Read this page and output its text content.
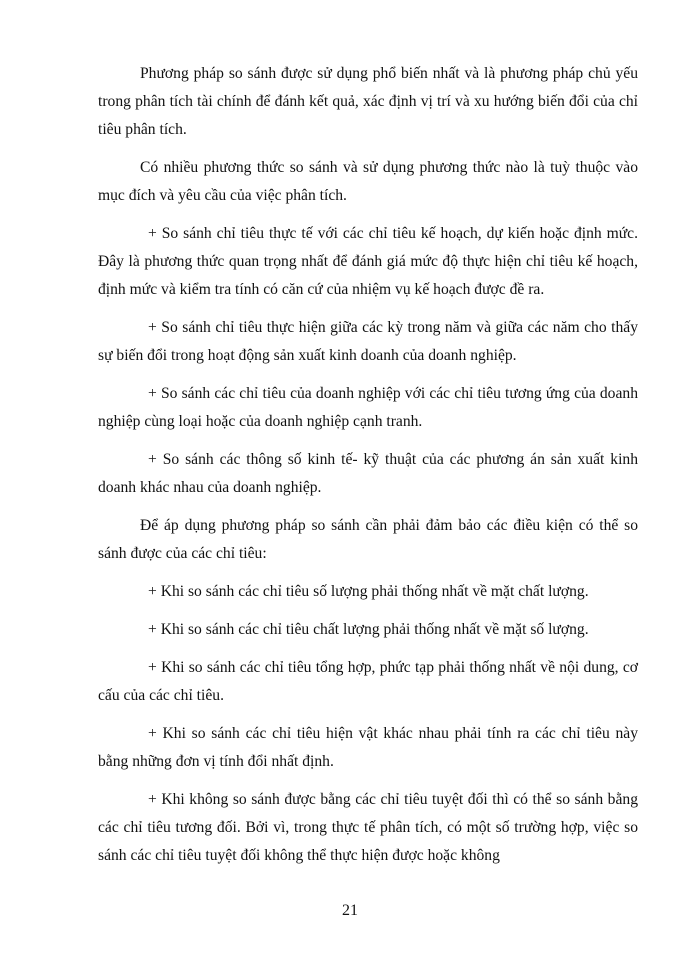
Phương pháp so sánh được sử dụng phổ biến nhất và là phương pháp chủ yếu trong phân tích tài chính để đánh kết quả, xác định vị trí và xu hướng biến đổi của chỉ tiêu phân tích.

Có nhiều phương thức so sánh và sử dụng phương thức nào là tuỳ thuộc vào mục đích và yêu cầu của việc phân tích.

+ So sánh chỉ tiêu thực tế với các chỉ tiêu kế hoạch, dự kiến hoặc định mức. Đây là phương thức quan trọng nhất để đánh giá mức độ thực hiện chỉ tiêu kế hoạch, định mức và kiểm tra tính có căn cứ của nhiệm vụ kế hoạch được đề ra.

+ So sánh chỉ tiêu thực hiện giữa các kỳ trong năm và giữa các năm cho thấy sự biến đổi trong hoạt động sản xuất kinh doanh của doanh nghiệp.

+ So sánh các chỉ tiêu của doanh nghiệp với các chỉ tiêu tương ứng của doanh nghiệp cùng loại hoặc của doanh nghiệp cạnh tranh.

+ So sánh các thông số kinh tế- kỹ thuật của các phương án sản xuất kinh doanh khác nhau của doanh nghiệp.

Để áp dụng phương pháp so sánh cần phải đảm bảo các điều kiện có thể so sánh được của các chỉ tiêu:

+ Khi so sánh các chỉ tiêu số lượng phải thống nhất về mặt chất lượng.

+ Khi so sánh các chỉ tiêu chất lượng phải thống nhất về mặt số lượng.

+ Khi so sánh các chỉ tiêu tổng hợp, phức tạp phải thống nhất về nội dung, cơ cấu của các chỉ tiêu.

+ Khi so sánh các chỉ tiêu hiện vật khác nhau phải tính ra các chỉ tiêu này bằng những đơn vị tính đổi nhất định.

+ Khi không so sánh được bằng các chỉ tiêu tuyệt đối thì có thể so sánh bằng các chỉ tiêu tương đối. Bởi vì, trong thực tế phân tích, có một số trường hợp, việc so sánh các chỉ tiêu tuyệt đối không thể thực hiện được hoặc không

21
